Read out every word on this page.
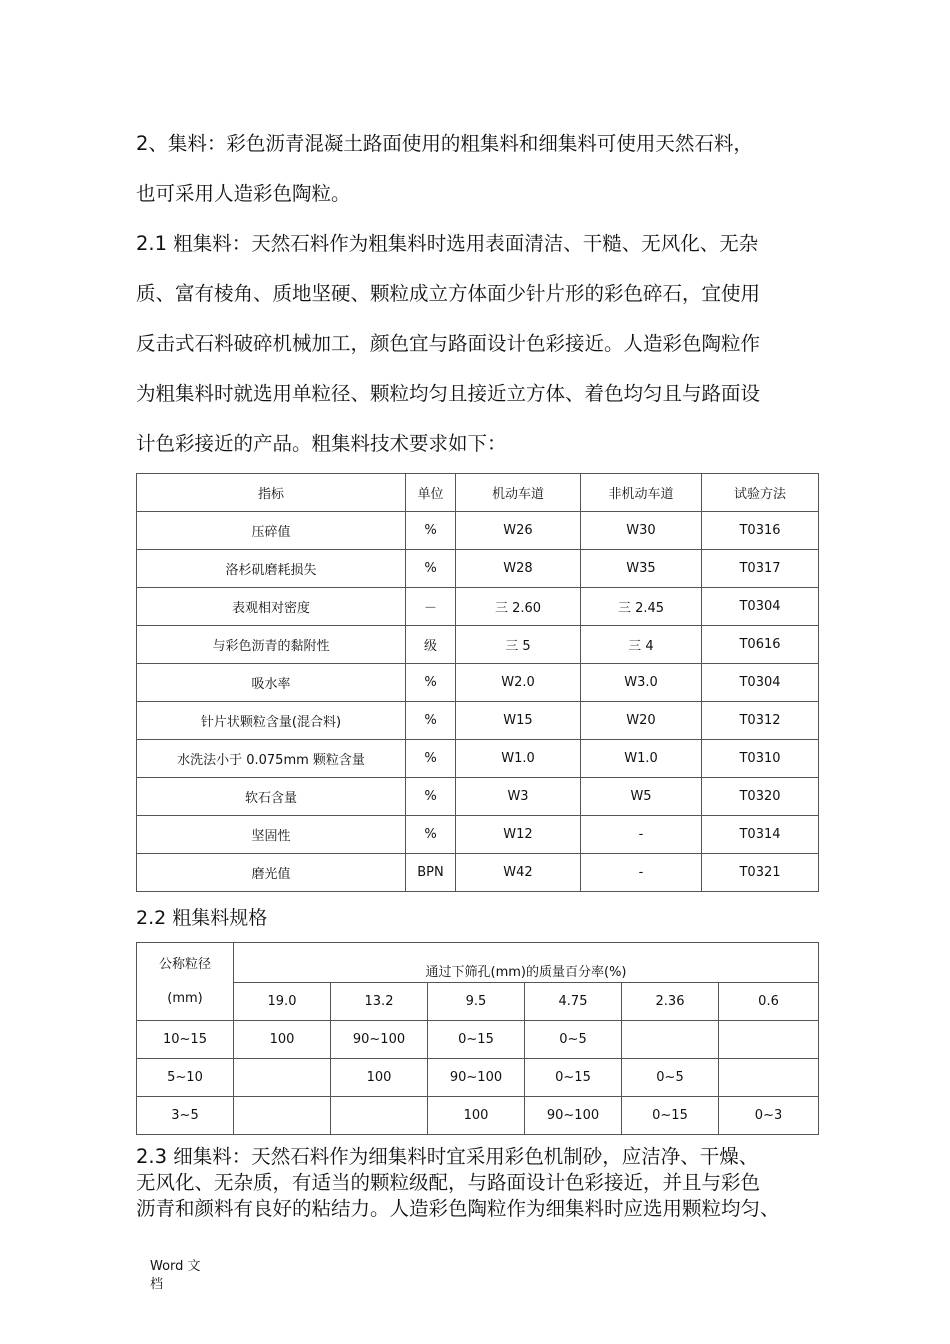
2、集料：彩色沥青混凝土路面使用的粗集料和细集料可使用天然石料，
也可采用人造彩色陶粒。
2.1 粗集料：天然石料作为粗集料时选用表面清洁、干糙、无风化、无杂
质、富有棱角、质地坚硬、颗粒成立方体面少针片形的彩色碎石，宜使用
反击式石料破碎机械加工，颜色宜与路面设计色彩接近。人造彩色陶粒作
为粗集料时就选用单粒径、颗粒均匀且接近立方体、着色均匀且与路面设
计色彩接近的产品。粗集料技术要求如下：
指标	单位	机动车道	非机动车道	试验方法
压碎值	%	W26	W30	T0316
洛杉矶磨耗损失	%	W28	W35	T0317
表观相对密度	－	三 2.60	三 2.45	T0304
与彩色沥青的黏附性	级	三 5	三 4	T0616
吸水率	%	W2.0	W3.0	T0304
针片状颗粒含量(混合料)	%	W15	W20	T0312
水洗法小于 0.075mm 颗粒含量	%	W1.0	W1.0	T0310
软石含量	%	W3	W5	T0320
坚固性	%	W12	-	T0314
磨光值	BPN	W42	-	T0321
2.2 粗集料规格
公称粒径
(mm)	通过下筛孔(mm)的质量百分率(%)					
	19.0	13.2	9.5	4.75	2.36	0.6
10~15	100	90~100	0~15	0~5		
5~10		100	90~100	0~15	0~5	
3~5			100	90~100	0~15	0~3
2.3 细集料：天然石料作为细集料时宜采用彩色机制砂，应洁净、干燥、
无风化、无杂质，有适当的颗粒级配，与路面设计色彩接近，并且与彩色
沥青和颜料有良好的粘结力。人造彩色陶粒作为细集料时应选用颗粒均匀、
Word 文
档
